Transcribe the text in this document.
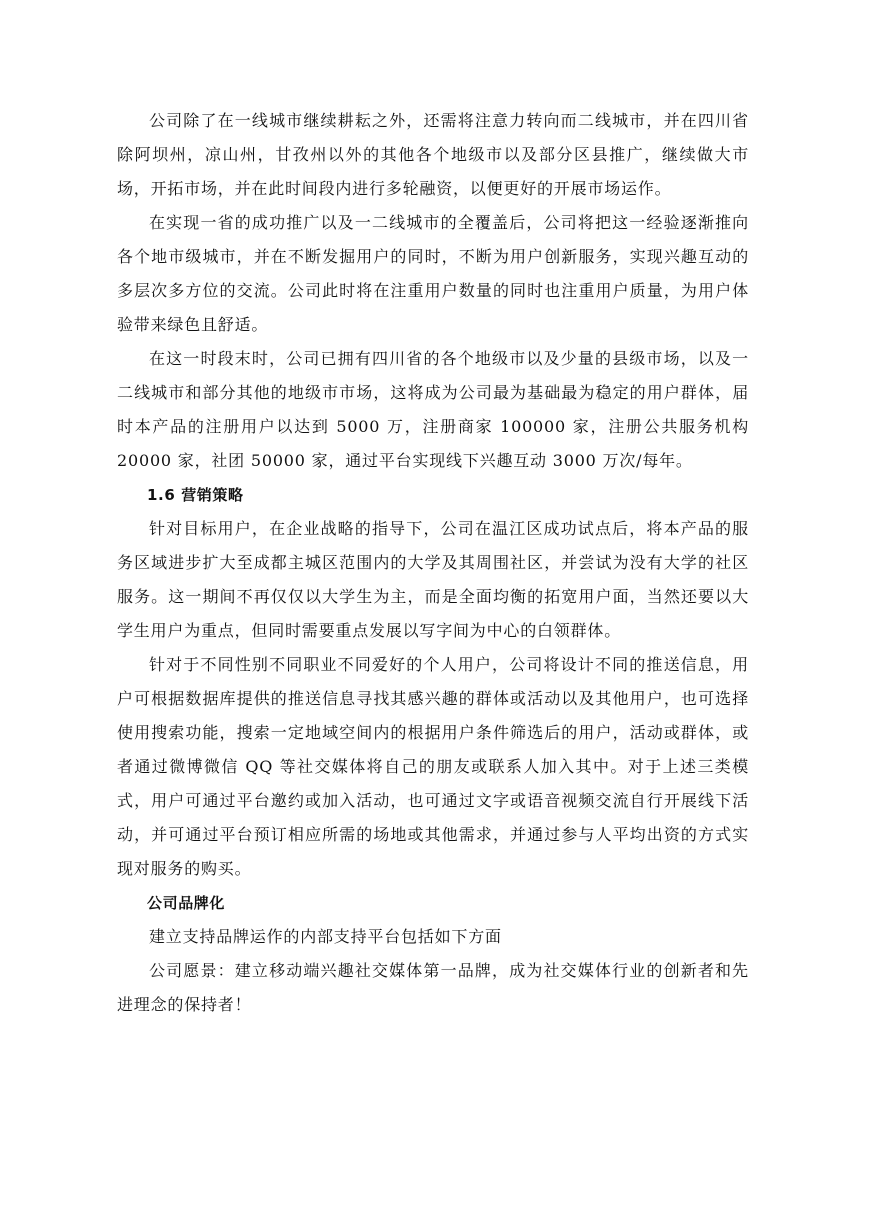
公司除了在一线城市继续耕耘之外，还需将注意力转向而二线城市，并在四川省除阿坝州，凉山州，甘孜州以外的其他各个地级市以及部分区县推广，继续做大市场，开拓市场，并在此时间段内进行多轮融资，以便更好的开展市场运作。

在实现一省的成功推广以及一二线城市的全覆盖后，公司将把这一经验逐渐推向各个地市级城市，并在不断发掘用户的同时，不断为用户创新服务，实现兴趣互动的多层次多方位的交流。公司此时将在注重用户数量的同时也注重用户质量，为用户体验带来绿色且舒适。

在这一时段末时，公司已拥有四川省的各个地级市以及少量的县级市场，以及一二线城市和部分其他的地级市市场，这将成为公司最为基础最为稳定的用户群体，届时本产品的注册用户以达到 5000 万，注册商家 100000 家，注册公共服务机构 20000 家，社团 50000 家，通过平台实现线下兴趣互动 3000 万次/每年。

1.6 营销策略

针对目标用户，在企业战略的指导下，公司在温江区成功试点后，将本产品的服务区域进步扩大至成都主城区范围内的大学及其周围社区，并尝试为没有大学的社区服务。这一期间不再仅仅以大学生为主，而是全面均衡的拓宽用户面，当然还要以大学生用户为重点，但同时需要重点发展以写字间为中心的白领群体。

针对于不同性别不同职业不同爱好的个人用户，公司将设计不同的推送信息，用户可根据数据库提供的推送信息寻找其感兴趣的群体或活动以及其他用户，也可选择使用搜索功能，搜索一定地域空间内的根据用户条件筛选后的用户，活动或群体，或者通过微博微信 QQ 等社交媒体将自己的朋友或联系人加入其中。对于上述三类模式，用户可通过平台邀约或加入活动，也可通过文字或语音视频交流自行开展线下活动，并可通过平台预订相应所需的场地或其他需求，并通过参与人平均出资的方式实现对服务的购买。

公司品牌化

建立支持品牌运作的内部支持平台包括如下方面

公司愿景：建立移动端兴趣社交媒体第一品牌，成为社交媒体行业的创新者和先进理念的保持者！
